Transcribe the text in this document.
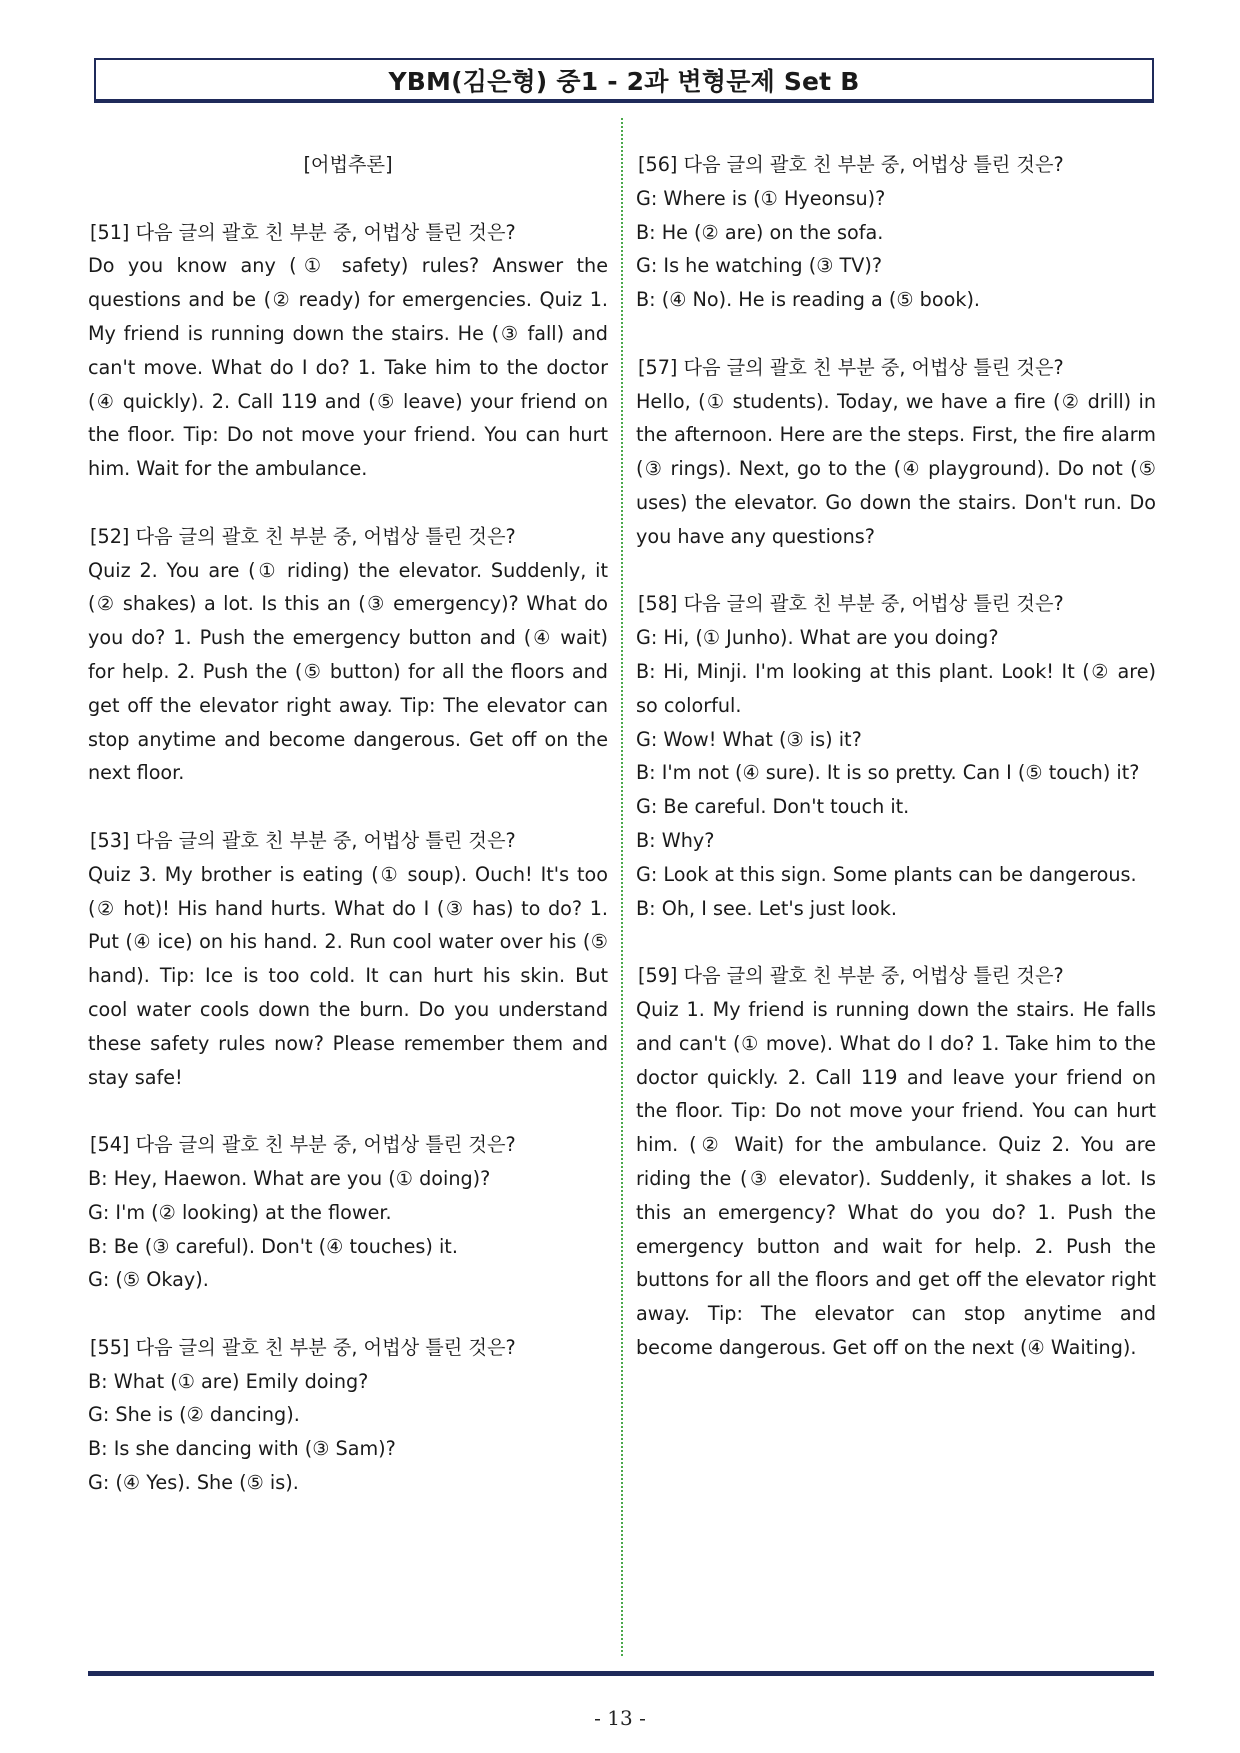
YBM(김은형) 중1 - 2과 변형문제 Set B
[어법추론]
[51] 다음 글의 괄호 친 부분 중, 어법상 틀린 것은?
Do you know any (① safety) rules? Answer the questions and be (② ready) for emergencies. Quiz 1. My friend is running down the stairs. He (③ fall) and can't move. What do I do? 1. Take him to the doctor (④ quickly). 2. Call 119 and (⑤ leave) your friend on the floor. Tip: Do not move your friend. You can hurt him. Wait for the ambulance.
[52] 다음 글의 괄호 친 부분 중, 어법상 틀린 것은?
Quiz 2. You are (① riding) the elevator. Suddenly, it (② shakes) a lot. Is this an (③ emergency)? What do you do? 1. Push the emergency button and (④ wait) for help. 2. Push the (⑤ button) for all the floors and get off the elevator right away. Tip: The elevator can stop anytime and become dangerous. Get off on the next floor.
[53] 다음 글의 괄호 친 부분 중, 어법상 틀린 것은?
Quiz 3. My brother is eating (① soup). Ouch! It's too (② hot)! His hand hurts. What do I (③ has) to do? 1. Put (④ ice) on his hand. 2. Run cool water over his (⑤ hand). Tip: Ice is too cold. It can hurt his skin. But cool water cools down the burn. Do you understand these safety rules now? Please remember them and stay safe!
[54] 다음 글의 괄호 친 부분 중, 어법상 틀린 것은?
B: Hey, Haewon. What are you (① doing)?
G: I'm (② looking) at the flower.
B: Be (③ careful). Don't (④ touches) it.
G: (⑤ Okay).
[55] 다음 글의 괄호 친 부분 중, 어법상 틀린 것은?
B: What (① are) Emily doing?
G: She is (② dancing).
B: Is she dancing with (③ Sam)?
G: (④ Yes). She (⑤ is).
[56] 다음 글의 괄호 친 부분 중, 어법상 틀린 것은?
G: Where is (① Hyeonsu)?
B: He (② are) on the sofa.
G: Is he watching (③ TV)?
B: (④ No). He is reading a (⑤ book).
[57] 다음 글의 괄호 친 부분 중, 어법상 틀린 것은?
Hello, (① students). Today, we have a fire (② drill) in the afternoon. Here are the steps. First, the fire alarm (③ rings). Next, go to the (④ playground). Do not (⑤ uses) the elevator. Go down the stairs. Don't run. Do you have any questions?
[58] 다음 글의 괄호 친 부분 중, 어법상 틀린 것은?
G: Hi, (① Junho). What are you doing?
B: Hi, Minji. I'm looking at this plant. Look! It (② are) so colorful.
G: Wow! What (③ is) it?
B: I'm not (④ sure). It is so pretty. Can I (⑤ touch) it?
G: Be careful. Don't touch it.
B: Why?
G: Look at this sign. Some plants can be dangerous.
B: Oh, I see. Let's just look.
[59] 다음 글의 괄호 친 부분 중, 어법상 틀린 것은?
Quiz 1. My friend is running down the stairs. He falls and can't (① move). What do I do? 1. Take him to the doctor quickly. 2. Call 119 and leave your friend on the floor. Tip: Do not move your friend. You can hurt him. (② Wait) for the ambulance. Quiz 2. You are riding the (③ elevator). Suddenly, it shakes a lot. Is this an emergency? What do you do? 1. Push the emergency button and wait for help. 2. Push the buttons for all the floors and get off the elevator right away. Tip: The elevator can stop anytime and become dangerous. Get off on the next (④ Waiting).
- 13 -
